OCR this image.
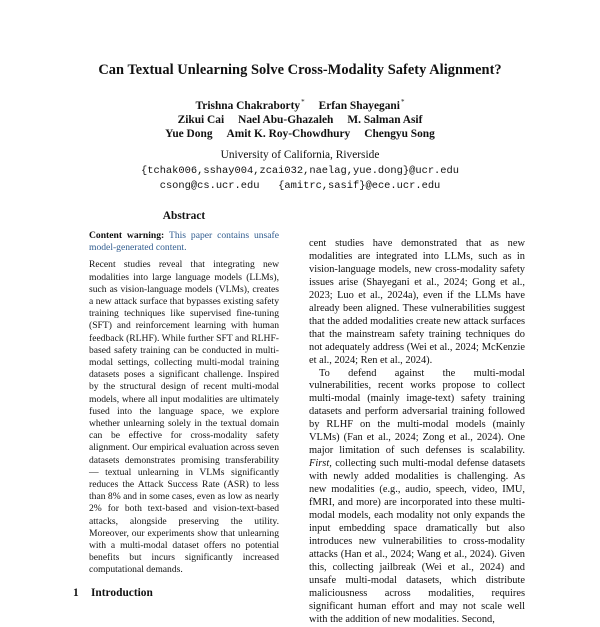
Can Textual Unlearning Solve Cross-Modality Safety Alignment?
Trishna Chakraborty* Erfan Shayegani*
Zikui Cai Nael Abu-Ghazaleh M. Salman Asif
Yue Dong Amit K. Roy-Chowdhury Chengyu Song
University of California, Riverside
{tchak006,sshay004,zcai032,naelag,yue.dong}@ucr.edu
csong@cs.ucr.edu   {amitrc,sasif}@ece.ucr.edu
Abstract

Content warning: This paper contains unsafe model-generated content.

Recent studies reveal that integrating new modalities into large language models (LLMs), such as vision-language models (VLMs), creates a new attack surface that bypasses existing safety training techniques like supervised fine-tuning (SFT) and reinforcement learning with human feedback (RLHF). While further SFT and RLHF-based safety training can be conducted in multi-modal settings, collecting multi-modal training datasets poses a significant challenge. Inspired by the structural design of recent multi-modal models, where all input modalities are ultimately fused into the language space, we explore whether unlearning solely in the textual domain can be effective for cross-modality safety alignment. Our empirical evaluation across seven datasets demonstrates promising transferability — textual unlearning in VLMs significantly reduces the Attack Success Rate (ASR) to less than 8% and in some cases, even as low as nearly 2% for both text-based and vision-text-based attacks, alongside preserving the utility. Moreover, our experiments show that unlearning with a multi-modal dataset offers no potential benefits but incurs significantly increased computational demands.

1 Introduction

cent studies have demonstrated that as new modalities are integrated into LLMs, such as in vision-language models, new cross-modality safety issues arise (Shayegani et al., 2024; Gong et al., 2023; Luo et al., 2024a), even if the LLMs have already been aligned. These vulnerabilities suggest that the added modalities create new attack surfaces that the mainstream safety training techniques do not adequately address (Wei et al., 2024; McKenzie et al., 2024; Ren et al., 2024).

To defend against the multi-modal vulnerabilities, recent works propose to collect multi-modal (mainly image-text) safety training datasets and perform adversarial training followed by RLHF on the multi-modal models (mainly VLMs) (Fan et al., 2024; Zong et al., 2024). One major limitation of such defenses is scalability. First, collecting such multi-modal defense datasets with newly added modalities is challenging. As new modalities (e.g., audio, speech, video, IMU, fMRI, and more) are incorporated into these multi-modal models, each modality not only expands the input embedding space dramatically but also introduces new vulnerabilities to cross-modality attacks (Han et al., 2024; Wang et al., 2024). Given this, collecting jailbreak (Wei et al., 2024) and unsafe multi-modal datasets, which distribute maliciousness across modalities, requires significant human effort and may not scale well with the addition of new modalities. Second,
